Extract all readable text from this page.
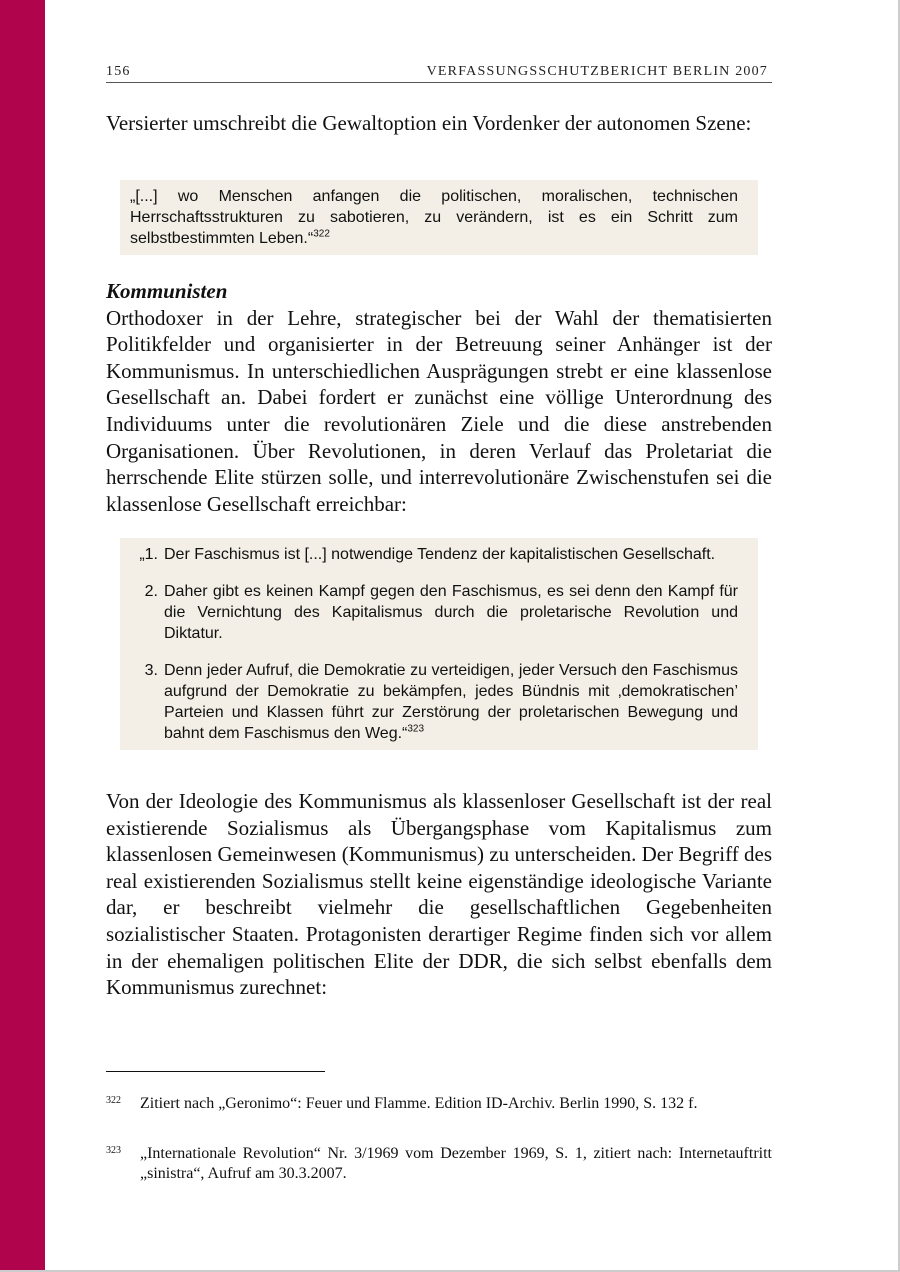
156	VERFASSUNGSSCHUTZBERICHT BERLIN 2007
Versierter umschreibt die Gewaltoption ein Vordenker der autonomen Szene:
„[...] wo Menschen anfangen die politischen, moralischen, technischen Herrschaftsstrukturen zu sabotieren, zu verändern, ist es ein Schritt zum selbstbestimmten Leben.“$^{322}$

Kommunisten

Orthodoxer in der Lehre, strategischer bei der Wahl der thematisierten Politikfelder und organisierter in der Betreuung seiner Anhänger ist der Kommunismus. In unterschiedlichen Ausprägungen strebt er eine klassenlose Gesellschaft an. Dabei fordert er zunächst eine völlige Unterordnung des Individuums unter die revolutionären Ziele und die diese anstrebenden Organisationen. Über Revolutionen, in deren Verlauf das Proletariat die herrschende Elite stürzen solle, und interrevolutionäre Zwischenstufen sei die klassenlose Gesellschaft erreichbar:
„1. Der Faschismus ist [...] notwendige Tendenz der kapitalistischen Gesellschaft.
2. Daher gibt es keinen Kampf gegen den Faschismus, es sei denn den Kampf für die Vernichtung des Kapitalismus durch die proletarische Revolution und Diktatur.
3. Denn jeder Aufruf, die Demokratie zu verteidigen, jeder Versuch den Faschismus aufgrund der Demokratie zu bekämpfen, jedes Bündnis mit ‚demokratischen’ Parteien und Klassen führt zur Zerstörung der proletarischen Bewegung und bahnt dem Faschismus den Weg.“$^{323}$
Von der Ideologie des Kommunismus als klassenloser Gesellschaft ist der real existierende Sozialismus als Übergangsphase vom Kapitalismus zum klassenlosen Gemeinwesen (Kommunismus) zu unterscheiden. Der Begriff des real existierenden Sozialismus stellt keine eigenständige ideologische Variante dar, er beschreibt vielmehr die gesellschaftlichen Gegebenheiten sozialistischer Staaten. Protagonisten derartiger Regime finden sich vor allem in der ehemaligen politischen Elite der DDR, die sich selbst ebenfalls dem Kommunismus zurechnet:
322	Zitiert nach „Geronimo“: Feuer und Flamme. Edition ID-Archiv. Berlin 1990, S. 132 f.
323	„Internationale Revolution“ Nr. 3/1969 vom Dezember 1969, S. 1, zitiert nach: Internetauftritt „sinistra“, Aufruf am 30.3.2007.
